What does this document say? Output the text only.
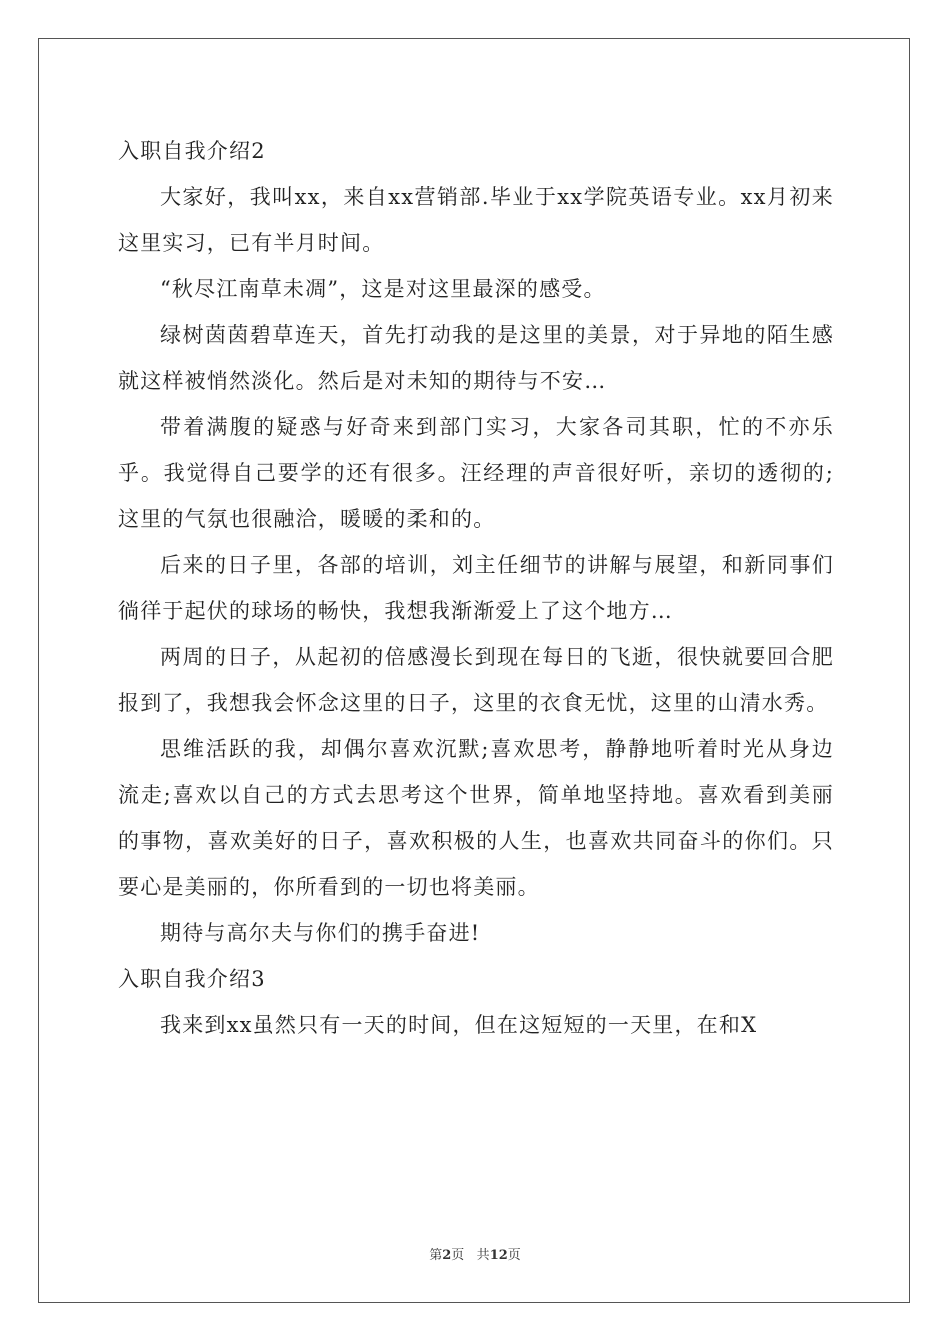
入职自我介绍2

大家好，我叫xx，来自xx营销部.毕业于xx学院英语专业。xx月初来这里实习，已有半月时间。

“秋尽江南草未凋”，这是对这里最深的感受。

绿树茵茵碧草连天，首先打动我的是这里的美景，对于异地的陌生感就这样被悄然淡化。然后是对未知的期待与不安…

带着满腹的疑惑与好奇来到部门实习，大家各司其职，忙的不亦乐乎。我觉得自己要学的还有很多。汪经理的声音很好听，亲切的透彻的;这里的气氛也很融洽，暖暖的柔和的。

后来的日子里，各部的培训，刘主任细节的讲解与展望，和新同事们徜徉于起伏的球场的畅快，我想我渐渐爱上了这个地方…

两周的日子，从起初的倍感漫长到现在每日的飞逝，很快就要回合肥报到了，我想我会怀念这里的日子，这里的衣食无忧，这里的山清水秀。

思维活跃的我，却偶尔喜欢沉默;喜欢思考，静静地听着时光从身边流走;喜欢以自己的方式去思考这个世界，简单地坚持地。喜欢看到美丽的事物，喜欢美好的日子，喜欢积极的人生，也喜欢共同奋斗的你们。只要心是美丽的，你所看到的一切也将美丽。

期待与高尔夫与你们的携手奋进!

入职自我介绍3

我来到xx虽然只有一天的时间，但在这短短的一天里，在和X

第2页 共12页
